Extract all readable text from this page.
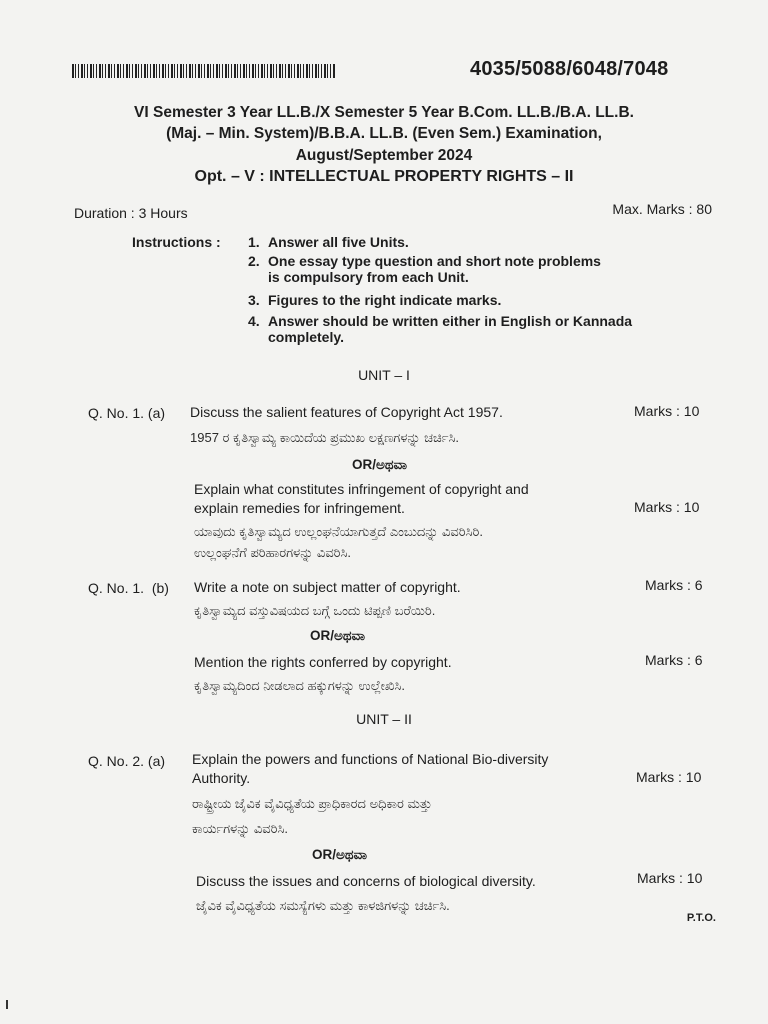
4035/5088/6048/7048
VI Semester 3 Year LL.B./X Semester 5 Year B.Com. LL.B./B.A. LL.B.
(Maj. – Min. System)/B.B.A. LL.B. (Even Sem.) Examination,
August/September 2024
Opt. – V : INTELLECTUAL PROPERTY RIGHTS – II
Duration : 3 Hours	Max. Marks : 80
Instructions : 1. Answer all five Units.
2. One essay type question and short note problems
is compulsory from each Unit.
3. Figures to the right indicate marks.
4. Answer should be written either in English or Kannada
completely.
UNIT – I
Q. No. 1. (a) Discuss the salient features of Copyright Act 1957.	Marks : 10
1957 ರ ಕೃತಿಸ್ವಾಮ್ಯ ಕಾಯಿದೆಯ ಪ್ರಮುಖ ಲಕ್ಷಣಗಳನ್ನು ಚರ್ಚಿಸಿ.
OR/ಅಥವಾ
Explain what constitutes infringement of copyright and
explain remedies for infringement.	Marks : 10
ಯಾವುದು ಕೃತಿಸ್ವಾಮ್ಯದ ಉಲ್ಲಂಘನೆಯಾಗುತ್ತದೆ ಎಂಬುದನ್ನು ವಿವರಿಸಿರಿ.
ಉಲ್ಲಂಘನೆಗೆ ಪರಿಹಾರಗಳನ್ನು ವಿವರಿಸಿ.
Q. No. 1. (b) Write a note on subject matter of copyright.	Marks : 6
ಕೃತಿಸ್ವಾಮ್ಯದ ವಸ್ತುವಿಷಯದ ಬಗ್ಗೆ ಒಂದು ಟಿಪ್ಪಣಿ ಬರೆಯಿರಿ.
OR/ಅಥವಾ
Mention the rights conferred by copyright.	Marks : 6
ಕೃತಿಸ್ವಾಮ್ಯದಿಂದ ನೀಡಲಾದ ಹಕ್ಕುಗಳನ್ನು ಉಲ್ಲೇಖಿಸಿ.
UNIT – II
Q. No. 2. (a) Explain the powers and functions of National Bio-diversity
Authority.	Marks : 10
ರಾಷ್ಟ್ರೀಯ ಜೈವಿಕ ವೈವಿಧ್ಯತೆಯ ಪ್ರಾಧಿಕಾರದ ಅಧಿಕಾರ ಮತ್ತು
ಕಾರ್ಯಗಳನ್ನು ವಿವರಿಸಿ.
OR/ಅಥವಾ
Discuss the issues and concerns of biological diversity.	Marks : 10
ಜೈವಿಕ ವೈವಿಧ್ಯತೆಯ ಸಮಸ್ಯೆಗಳು ಮತ್ತು ಕಾಳಜಿಗಳನ್ನು ಚರ್ಚಿಸಿ.
P.T.O.
